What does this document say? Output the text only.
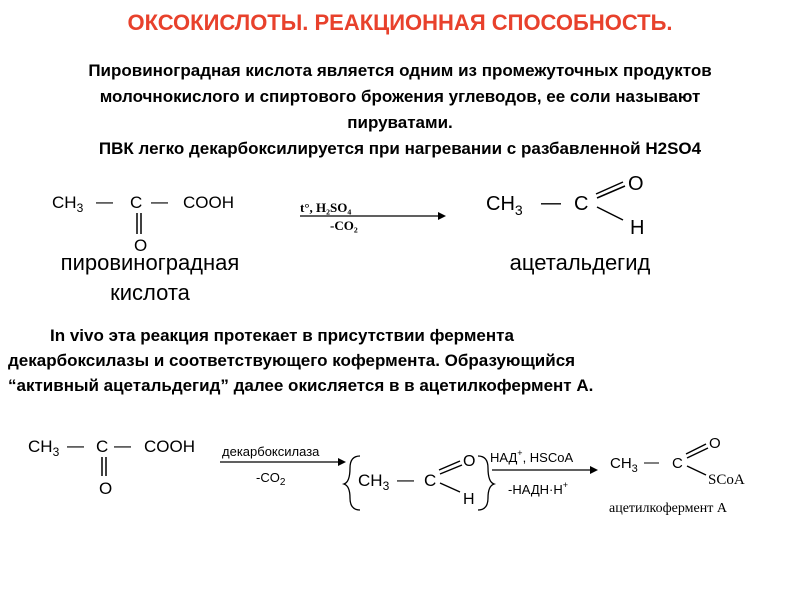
ОКСОКИСЛОТЫ. РЕАКЦИОННАЯ СПОСОБНОСТЬ.
Пировиноградная кислота является одним из промежуточных продуктов
молочнокислого и спиртового брожения углеводов, ее соли называют
пируватами.
ПВК легко декарбоксилируется при нагревании с разбавленной H2SO4
$CH_3$ — C — COOH
O
t°, H₂SO₄
-CO₂
$CH_3$ — C
O
H
пировиноградная
кислота
ацетальдегид
In vivo эта реакция протекает в присутствии фермента
декарбоксилазы и соответствующего кофермента. Образующийся
“активный ацетальдегид” далее окисляется в в ацетилкофермент А.
$CH_3$ — C — COOH
O
декарбоксилаза
$-CO_2$	$CH_3$ — C
O
H
НАД+, HSCoA
-НАДН·Н+
$CH_3$ — C
O
SCoA
ацетилкофермент А
